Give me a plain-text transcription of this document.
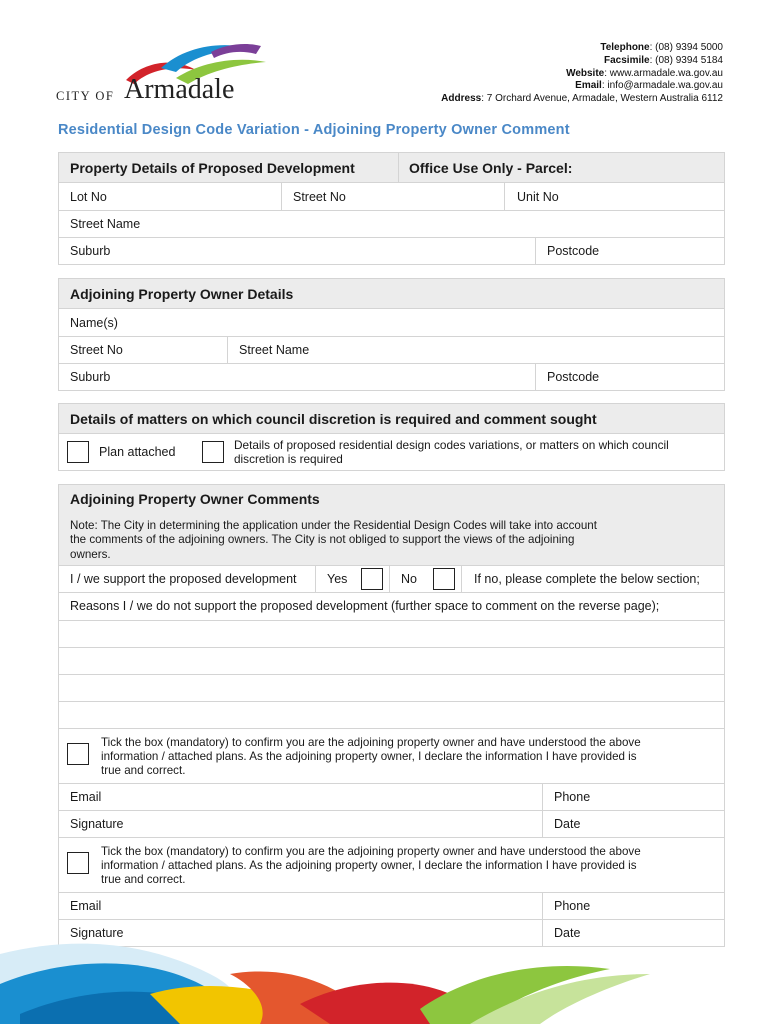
CITY OF Armadale
Telephone: (08) 9394 5000
Facsimile: (08) 9394 5184
Website: www.armadale.wa.gov.au
Email: info@armadale.wa.gov.au
Address: 7 Orchard Avenue, Armadale, Western Australia 6112
Residential Design Code Variation - Adjoining Property Owner Comment
Property Details of Proposed Development	Office Use Only - Parcel:
Lot No	Street No	Unit No
Street Name
Suburb	Postcode
Adjoining Property Owner Details
Name(s)
Street No	Street Name
Suburb	Postcode
Details of matters on which council discretion is required and comment sought
Plan attached	Details of proposed residential design codes variations, or matters on which council
discretion is required
Adjoining Property Owner Comments
Note: The City in determining the application under the Residential Design Codes will take into account
the comments of the adjoining owners. The City is not obliged to support the views of the adjoining
owners.
I / we support the proposed development	Yes	No	If no, please complete the below section;
Reasons I / we do not support the proposed development (further space to comment on the reverse page);
Tick the box (mandatory) to confirm you are the adjoining property owner and have understood the above
information / attached plans. As the adjoining property owner, I declare the information I have provided is
true and correct.
Email	Phone
Signature	Date
Tick the box (mandatory) to confirm you are the adjoining property owner and have understood the above
information / attached plans. As the adjoining property owner, I declare the information I have provided is
true and correct.
Email	Phone
Signature	Date
